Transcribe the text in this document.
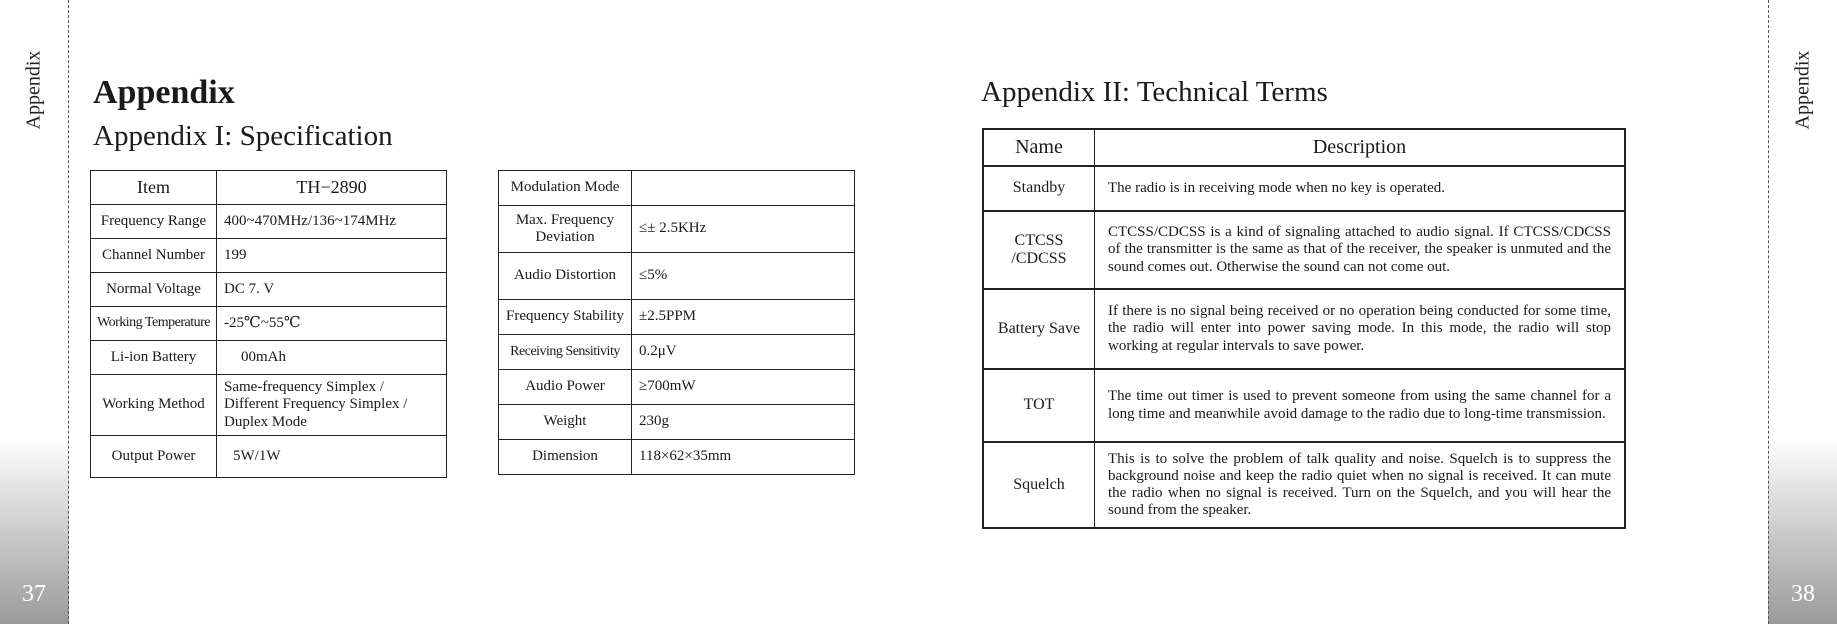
Appendix
37
Appendix
38
Appendix
Appendix I: Specification
Appendix II: Technical Terms
Item	TH−2890
Frequency Range	400~470MHz/136~174MHz
Channel Number	199
Normal Voltage	DC 7. V
Working Temperature	-25℃~55℃
Li-ion Battery	00mAh
Working Method	Same-frequency Simplex / Different Frequency Simplex / Duplex Mode
Output Power	5W/1W
Modulation Mode	
Max. Frequency Deviation	≤± 2.5KHz
Audio Distortion	≤5%
Frequency Stability	±2.5PPM
Receiving Sensitivity	0.2μV
Audio Power	≥700mW
Weight	230g
Dimension	118×62×35mm
Name	Description
Standby	The radio is in receiving mode when no key is operated.
CTCSS /CDCSS	CTCSS/CDCSS is a kind of signaling attached to audio signal. If CTCSS/CDCSS of the transmitter is the same as that of the receiver, the speaker is unmuted and the sound comes out. Otherwise the sound can not come out.
Battery Save	If there is no signal being received or no operation being conducted for some time, the radio will enter into power saving mode. In this mode, the radio will stop working at regular intervals to save power.
TOT	The time out timer is used to prevent someone from using the same channel for a long time and meanwhile avoid damage to the radio due to long-time transmission.
Squelch	This is to solve the problem of talk quality and noise. Squelch is to suppress the background noise and keep the radio quiet when no signal is received. It can mute the radio when no signal is received. Turn on the Squelch, and you will hear the sound from the speaker.
